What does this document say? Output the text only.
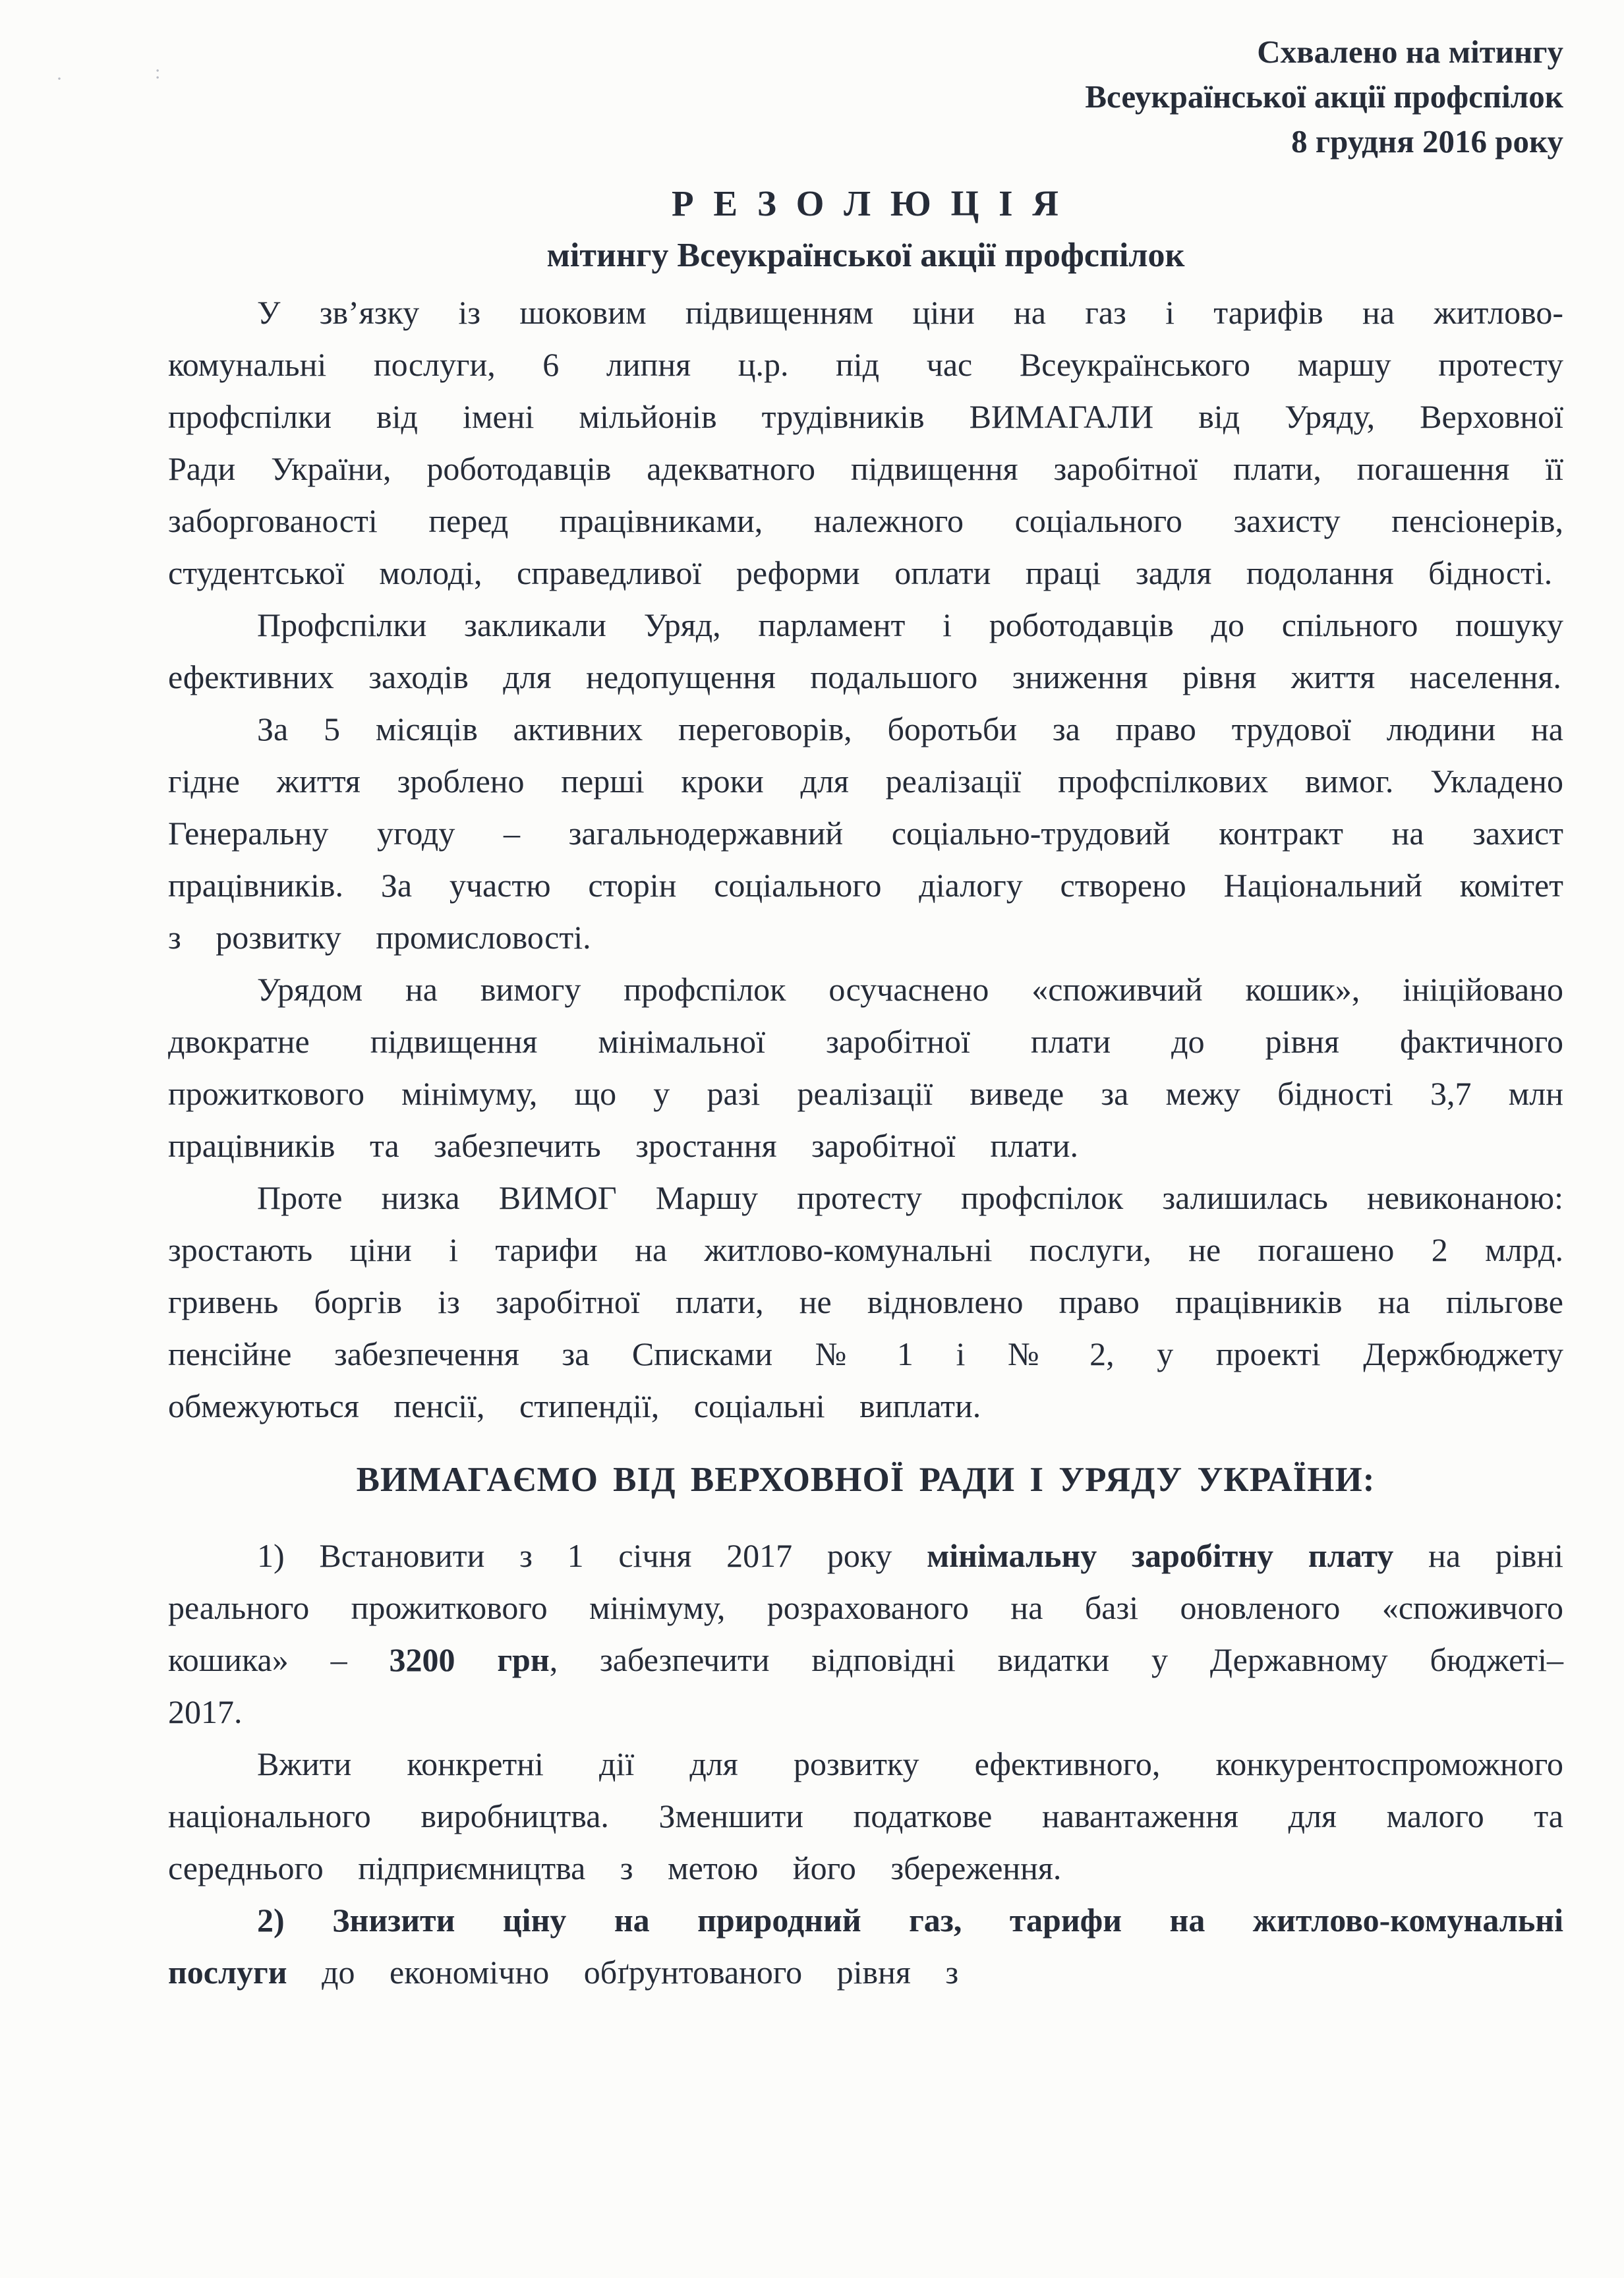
·	:
Схвалено на мітингу
Всеукраїнської акції профспілок
8 грудня 2016 року
Р Е З О Л Ю Ц І Я
мітингу Всеукраїнської акції профспілок

У зв’язку із шоковим підвищенням ціни на газ і тарифів на житлово-комунальні послуги, 6 липня ц.р. під час Всеукраїнського маршу протесту профспілки від імені мільйонів трудівників ВИМАГАЛИ від Уряду, Верховної Ради України, роботодавців адекватного підвищення заробітної плати, погашення її заборгованості перед працівниками, належного соціального захисту пенсіонерів, студентської молоді, справедливої реформи оплати праці задля подолання бідності.

Профспілки закликали Уряд, парламент і роботодавців до спільного пошуку ефективних заходів для недопущення подальшого зниження рівня життя населення.

За 5 місяців активних переговорів, боротьби за право трудової людини на гідне життя зроблено перші кроки для реалізації профспілкових вимог. Укладено Генеральну угоду – загальнодержавний соціально-трудовий контракт на захист працівників. За участю сторін соціального діалогу створено Національний комітет з розвитку промисловості.

Урядом на вимогу профспілок осучаснено «споживчий кошик», ініційовано двократне підвищення мінімальної заробітної плати до рівня фактичного прожиткового мінімуму, що у разі реалізації виведе за межу бідності 3,7 млн працівників та забезпечить зростання заробітної плати.

Проте низка ВИМОГ Маршу протесту профспілок залишилась невиконаною: зростають ціни і тарифи на житлово-комунальні послуги, не погашено 2 млрд. гривень боргів із заробітної плати, не відновлено право працівників на пільгове пенсійне забезпечення за Списками № 1 і № 2, у проекті Держбюджету обмежуються пенсії, стипендії, соціальні виплати.

ВИМАГАЄМО ВІД ВЕРХОВНОЇ РАДИ І УРЯДУ УКРАЇНИ:

1) Встановити з 1 січня 2017 року мінімальну заробітну плату на рівні реального прожиткового мінімуму, розрахованого на базі оновленого «споживчого кошика» – 3200 грн, забезпечити відповідні видатки у Державному бюджеті–2017.

Вжити конкретні дії для розвитку ефективного, конкурентоспроможного національного виробництва. Зменшити податкове навантаження для малого та середнього підприємництва з метою його збереження.

2) Знизити ціну на природний газ, тарифи на житлово-комунальні послуги до економічно обґрунтованого рівня з
